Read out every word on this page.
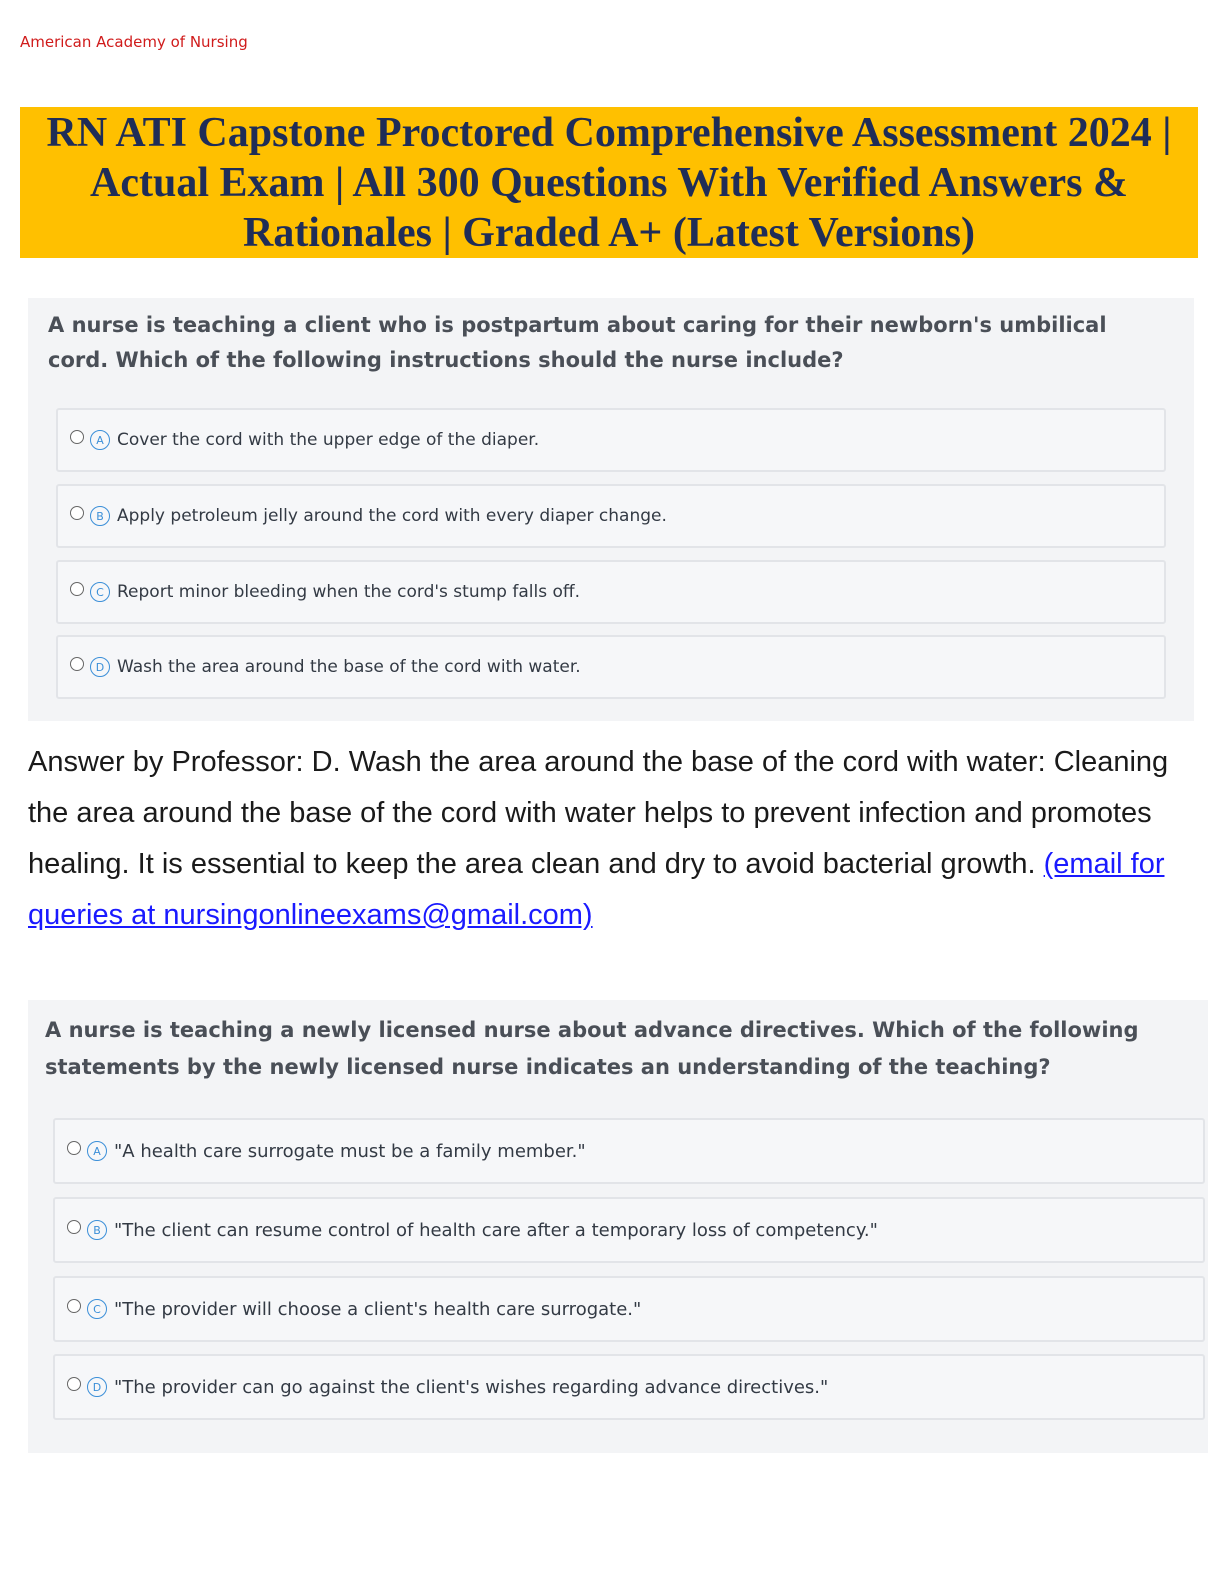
American Academy of Nursing
RN ATI Capstone Proctored Comprehensive Assessment 2024 | Actual Exam | All 300 Questions With Verified Answers & Rationales | Graded A+ (Latest Versions)
A nurse is teaching a client who is postpartum about caring for their newborn's umbilical cord. Which of the following instructions should the nurse include?
A Cover the cord with the upper edge of the diaper.
B Apply petroleum jelly around the cord with every diaper change.
C Report minor bleeding when the cord's stump falls off.
D Wash the area around the base of the cord with water.
Answer by Professor: D. Wash the area around the base of the cord with water: Cleaning the area around the base of the cord with water helps to prevent infection and promotes healing. It is essential to keep the area clean and dry to avoid bacterial growth. (email for queries at nursingonlineexams@gmail.com)
A nurse is teaching a newly licensed nurse about advance directives. Which of the following statements by the newly licensed nurse indicates an understanding of the teaching?
A "A health care surrogate must be a family member."
B "The client can resume control of health care after a temporary loss of competency."
C "The provider will choose a client's health care surrogate."
D "The provider can go against the client's wishes regarding advance directives."
